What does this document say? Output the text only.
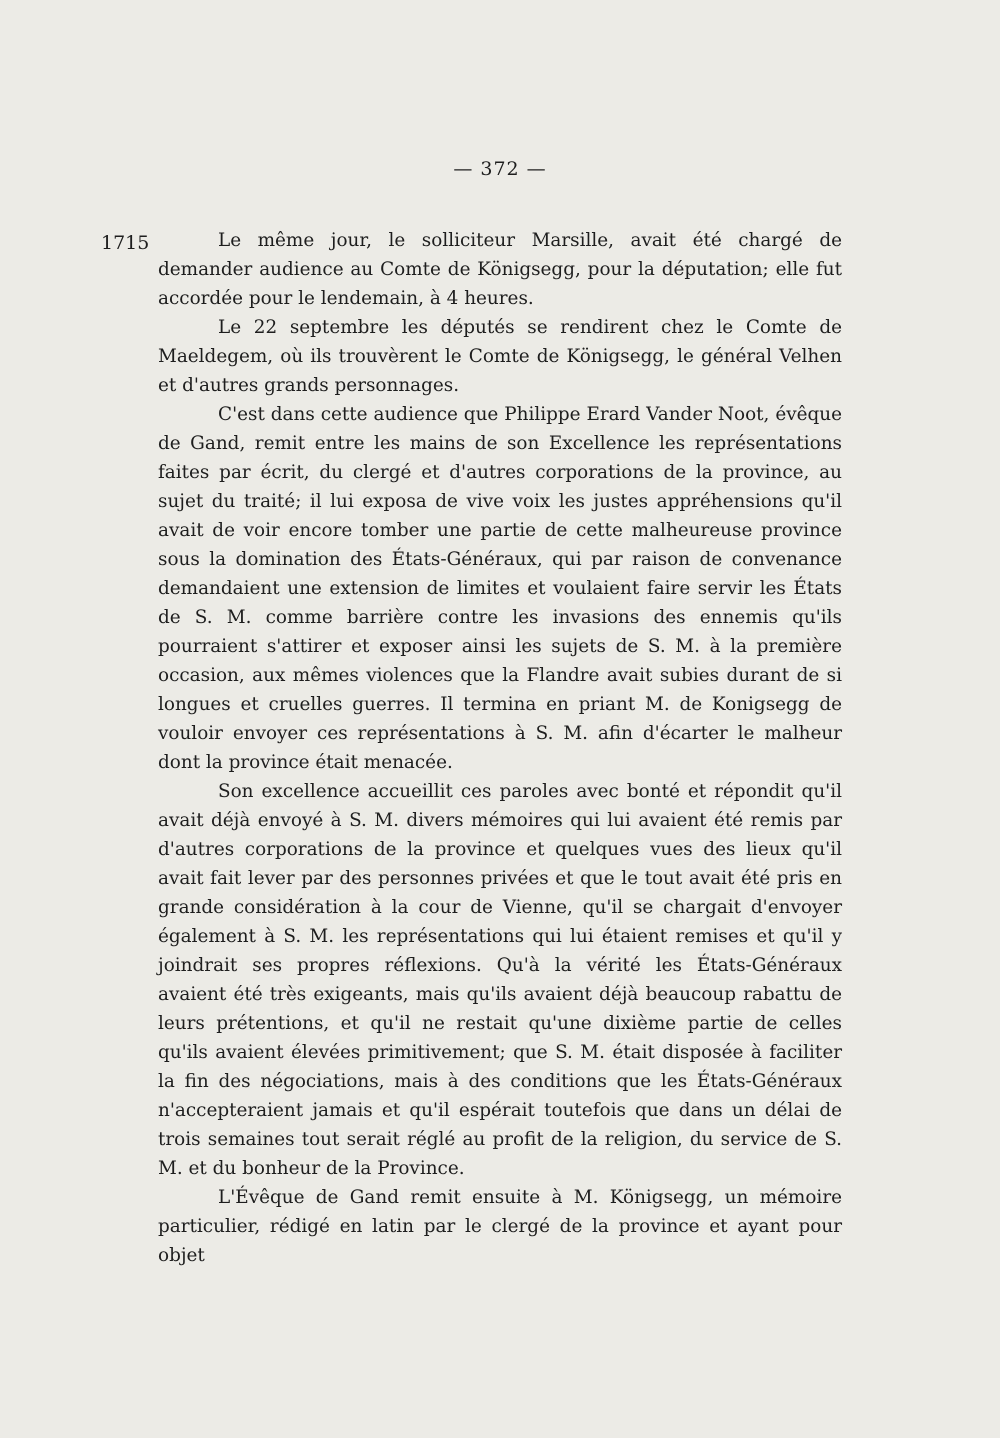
— 372 —
1715	Le même jour, le solliciteur Marsille, avait été chargé de demander audience au Comte de Königsegg, pour la députation; elle fut accordée pour le lendemain, à 4 heures.

Le 22 septembre les députés se rendirent chez le Comte de Maeldegem, où ils trouvèrent le Comte de Königsegg, le général Velhen et d'autres grands personnages.

C'est dans cette audience que Philippe Erard Vander Noot, évêque de Gand, remit entre les mains de son Excellence les représentations faites par écrit, du clergé et d'autres corporations de la province, au sujet du traité; il lui exposa de vive voix les justes appréhensions qu'il avait de voir encore tomber une partie de cette malheureuse province sous la domination des États-Généraux, qui par raison de convenance demandaient une extension de limites et voulaient faire servir les États de S. M. comme barrière contre les invasions des ennemis qu'ils pourraient s'attirer et exposer ainsi les sujets de S. M. à la première occasion, aux mêmes violences que la Flandre avait subies durant de si longues et cruelles guerres. Il termina en priant M. de Konigsegg de vouloir envoyer ces représentations à S. M. afin d'écarter le malheur dont la province était menacée.

Son excellence accueillit ces paroles avec bonté et répondit qu'il avait déjà envoyé à S. M. divers mémoires qui lui avaient été remis par d'autres corporations de la province et quelques vues des lieux qu'il avait fait lever par des personnes privées et que le tout avait été pris en grande considération à la cour de Vienne, qu'il se chargait d'envoyer également à S. M. les représentations qui lui étaient remises et qu'il y joindrait ses propres réflexions. Qu'à la vérité les États-Généraux avaient été très exigeants, mais qu'ils avaient déjà beaucoup rabattu de leurs prétentions, et qu'il ne restait qu'une dixième partie de celles qu'ils avaient élevées primitivement; que S. M. était disposée à faciliter la fin des négociations, mais à des conditions que les États-Généraux n'accepteraient jamais et qu'il espérait toutefois que dans un délai de trois semaines tout serait réglé au profit de la religion, du service de S. M. et du bonheur de la Province.

L'Évêque de Gand remit ensuite à M. Königsegg, un mémoire particulier, rédigé en latin par le clergé de la province et ayant pour objet
